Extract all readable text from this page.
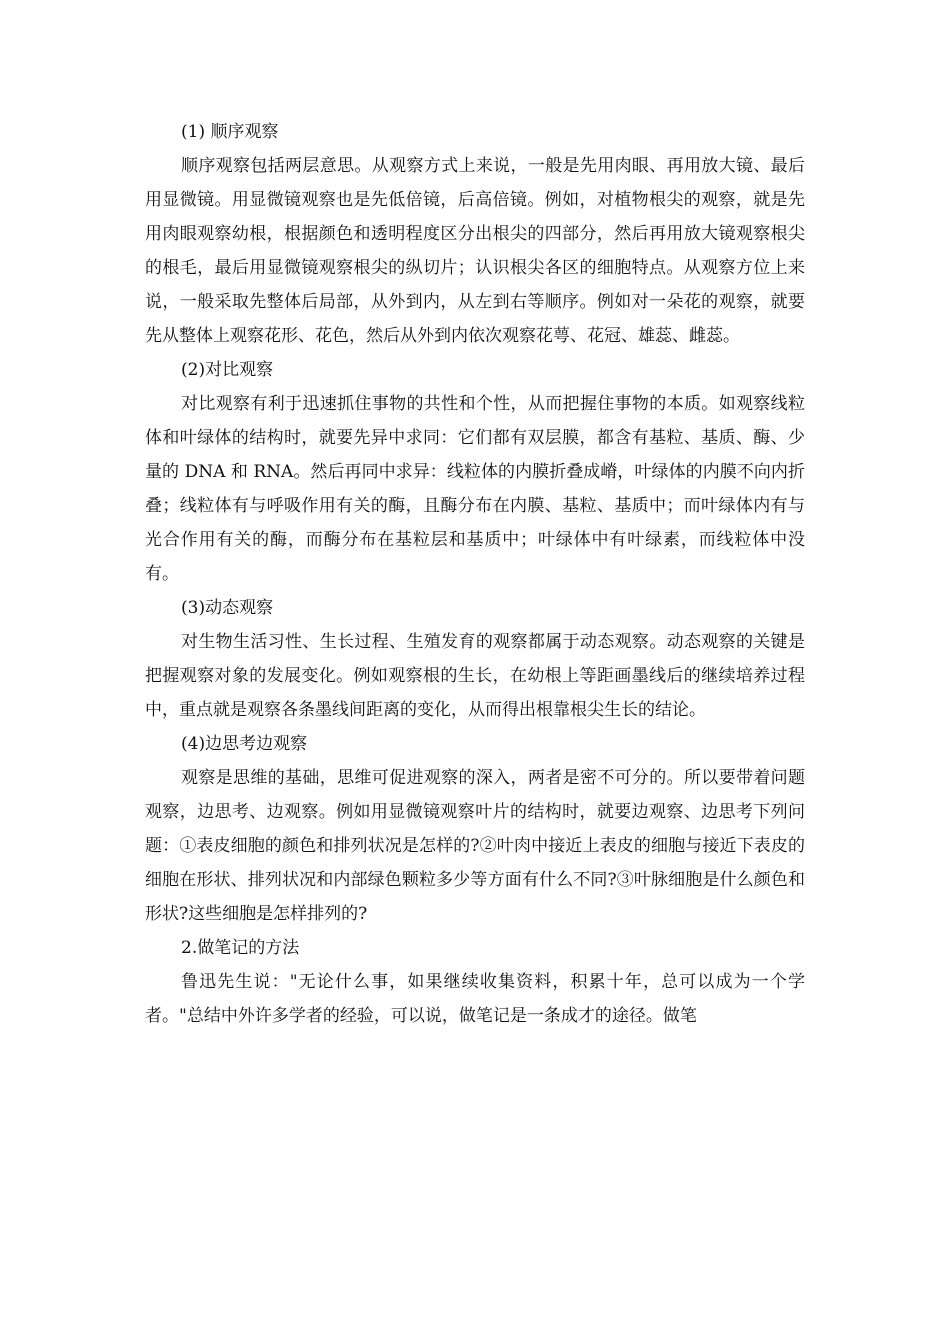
(1) 顺序观察

顺序观察包括两层意思。从观察方式上来说，一般是先用肉眼、再用放大镜、最后用显微镜。用显微镜观察也是先低倍镜，后高倍镜。例如，对植物根尖的观察，就是先用肉眼观察幼根，根据颜色和透明程度区分出根尖的四部分，然后再用放大镜观察根尖的根毛，最后用显微镜观察根尖的纵切片；认识根尖各区的细胞特点。从观察方位上来说，一般采取先整体后局部，从外到内，从左到右等顺序。例如对一朵花的观察，就要先从整体上观察花形、花色，然后从外到内依次观察花萼、花冠、雄蕊、雌蕊。

(2)对比观察

对比观察有利于迅速抓住事物的共性和个性，从而把握住事物的本质。如观察线粒体和叶绿体的结构时，就要先异中求同：它们都有双层膜，都含有基粒、基质、酶、少量的 DNA 和 RNA。然后再同中求异：线粒体的内膜折叠成嵴，叶绿体的内膜不向内折叠；线粒体有与呼吸作用有关的酶，且酶分布在内膜、基粒、基质中；而叶绿体内有与光合作用有关的酶，而酶分布在基粒层和基质中；叶绿体中有叶绿素，而线粒体中没有。

(3)动态观察

对生物生活习性、生长过程、生殖发育的观察都属于动态观察。动态观察的关键是把握观察对象的发展变化。例如观察根的生长，在幼根上等距画墨线后的继续培养过程中，重点就是观察各条墨线间距离的变化，从而得出根靠根尖生长的结论。

(4)边思考边观察

观察是思维的基础，思维可促进观察的深入，两者是密不可分的。所以要带着问题观察，边思考、边观察。例如用显微镜观察叶片的结构时，就要边观察、边思考下列问题：①表皮细胞的颜色和排列状况是怎样的?②叶肉中接近上表皮的细胞与接近下表皮的细胞在形状、排列状况和内部绿色颗粒多少等方面有什么不同?③叶脉细胞是什么颜色和形状?这些细胞是怎样排列的?

2.做笔记的方法

鲁迅先生说："无论什么事，如果继续收集资料，积累十年，总可以成为一个学者。"总结中外许多学者的经验，可以说，做笔记是一条成才的途径。做笔
